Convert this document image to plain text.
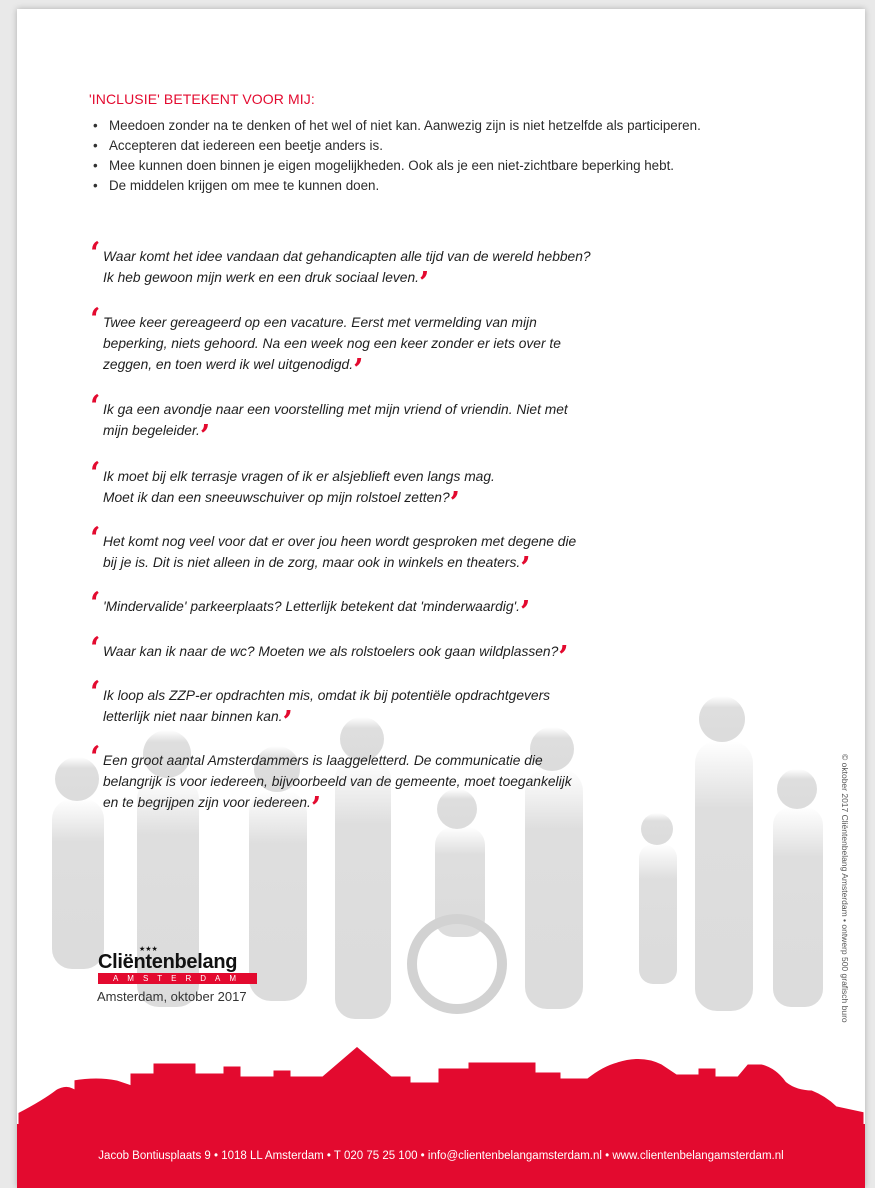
'INCLUSIE' BETEKENT VOOR MIJ:
• Meedoen zonder na te denken of het wel of niet kan. Aanwezig zijn is niet hetzelfde als participeren.
• Accepteren dat iedereen een beetje anders is.
• Mee kunnen doen binnen je eigen mogelijkheden. Ook als je een niet-zichtbare beperking hebt.
• De middelen krijgen om mee te kunnen doen.

‘ Waar komt het idee vandaan dat gehandicapten alle tijd van de wereld hebben?
Ik heb gewoon mijn werk en een druk sociaal leven.’

‘ Twee keer gereageerd op een vacature. Eerst met vermelding van mijn
beperking, niets gehoord. Na een week nog een keer zonder er iets over te
zeggen, en toen werd ik wel uitgenodigd.’

‘ Ik ga een avondje naar een voorstelling met mijn vriend of vriendin. Niet met
mijn begeleider.’

‘ Ik moet bij elk terrasje vragen of ik er alsjeblieft even langs mag.
Moet ik dan een sneeuwschuiver op mijn rolstoel zetten?’

‘ Het komt nog veel voor dat er over jou heen wordt gesproken met degene die
bij je is. Dit is niet alleen in de zorg, maar ook in winkels en theaters.’

‘ 'Mindervalide' parkeerplaats? Letterlijk betekent dat 'minderwaardig'.’

‘ Waar kan ik naar de wc? Moeten we als rolstoelers ook gaan wildplassen?’

‘ Ik loop als ZZP-er opdrachten mis, omdat ik bij potentiële opdrachtgevers
letterlijk niet naar binnen kan.’

‘ Een groot aantal Amsterdammers is laaggeletterd. De communicatie die
belangrijk is voor iedereen, bijvoorbeeld van de gemeente, moet toegankelijk
en te begrijpen zijn voor iedereen.’

★★★
Cliëntenbelang
AMSTERDAM

Amsterdam, oktober 2017	© oktober 2017 Cliëntenbelang Amsterdam • ontwerp 500 grafisch buro
Jacob Bontiusplaats 9 • 1018 LL Amsterdam • T 020 75 25 100 • info@clientenbelangamsterdam.nl • www.clientenbelangamsterdam.nl
